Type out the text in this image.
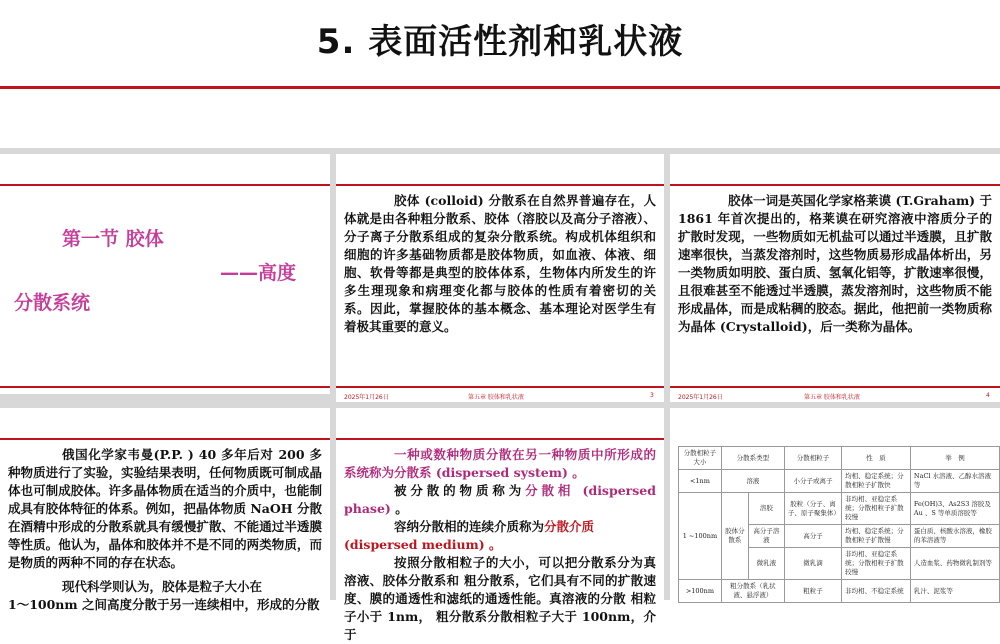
5. 表面活性剂和乳状液
第一节 胶体
——高度
分散系统
胶体 (colloid) 分散系在自然界普遍存在，人体就是由各种粗分散系、胶体（溶胶以及高分子溶液）、分子离子分散系组成的复杂分散系统。构成机体组织和细胞的许多基础物质都是胶体物质，如血液、体液、细胞、软骨等都是典型的胶体体系，生物体内所发生的许多生理现象和病理变化都与胶体的性质有着密切的关系。因此，掌握胶体的基本概念、基本理论对医学生有着极其重要的意义。
2025年1月26日	第五章 胶体和乳状液	3
胶体一词是英国化学家格莱谟 (T.Graham) 于1861 年首次提出的，格莱谟在研究溶液中溶质分子的扩散时发现，一些物质如无机盐可以通过半透膜，且扩散速率很快，当蒸发溶剂时，这些物质易形成晶体析出，另一类物质如明胶、蛋白质、氢氧化铝等，扩散速率很慢，且很难甚至不能透过半透膜，蒸发溶剂时，这些物质不能形成晶体，而是成粘稠的胶态。据此，他把前一类物质称为晶体 (Crystalloid)，后一类称为晶体。
2025年1月26日	第五章 胶体和乳状液	4
俄国化学家韦曼(P.P. ) 40 多年后对 200 多种物质进行了实验，实验结果表明，任何物质既可制成晶体也可制成胶体。许多晶体物质在适当的介质中，也能制成具有胶体特征的体系。例如，把晶体物质 NaOH 分散在酒精中形成的分散系就具有缓慢扩散、不能通过半透膜等性质。他认为，晶体和胶体并不是不同的两类物质，而是物质的两种不同的存在状态。
现代科学则认为，胶体是粒子大小在
1～100nm 之间高度分散于另一连续相中，形成的分散
一种或数种物质分散在另一种物质中所形成的系统称为分散系 (dispersed system) 。
被分散的物质称为分散相 (dispersed phase) 。
容纳分散相的连续介质称为分散介质
(dispersed medium) 。
按照分散相粒子的大小，可以把分散系分为真溶液、胶体分散系和 粗分散系，它们具有不同的扩散速度、膜的通透性和滤纸的通透性能。真溶液的分散 相粒子小于 1nm， 粗分散系分散相粒子大于 100nm，介于
分散相粒子大小	分散系类型		分散相粒子	性　质	举　例
<1nm	溶液		小分子或离子	均相、稳定系统；分散相粒子扩散快	NaCl 水溶液、乙醇水溶液等
1 ~100nm	胶体分散系	溶胶	胶粒（分子、离子、原子聚集体）	非均相、亚稳定系统；分散相粒子扩散较慢	Fe(OH)3、As2S3 溶胶及 Au 、S 等单质溶胶等
		高分子溶 液	高分子	均相、稳定系统；分散相粒子扩散慢	蛋白质、核酸水溶液，橡胶的苯溶液等
		微乳液	微乳滴	非均相、亚稳定系统；分散相粒子扩散较慢	人造血浆、药物微乳制剂等
>100nm	粗分散系（乳状液、悬浮液）		粗粒子	非均相、不稳定系统	乳汁、泥浆等
